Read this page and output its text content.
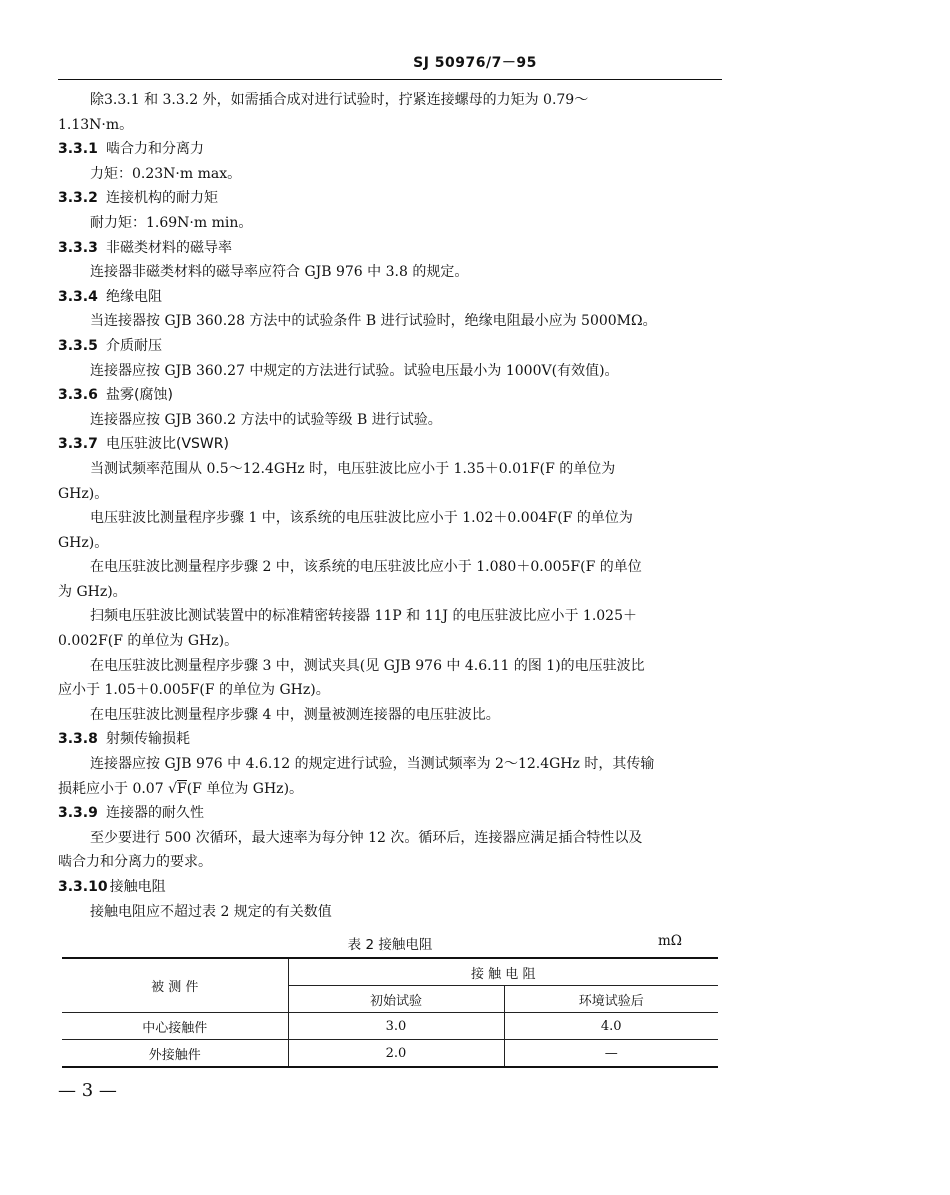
SJ 50976/7－95

除3.3.1 和 3.3.2 外，如需插合成对进行试验时，拧紧连接螺母的力矩为 0.79～

1.13N·m。

3.3.1 啮合力和分离力

力矩：0.23N·m max。

3.3.2 连接机构的耐力矩

耐力矩：1.69N·m min。

3.3.3 非磁类材料的磁导率

连接器非磁类材料的磁导率应符合 GJB 976 中 3.8 的规定。

3.3.4 绝缘电阻

当连接器按 GJB 360.28 方法中的试验条件 B 进行试验时，绝缘电阻最小应为 5000MΩ。

3.3.5 介质耐压

连接器应按 GJB 360.27 中规定的方法进行试验。试验电压最小为 1000V(有效值)。

3.3.6 盐雾(腐蚀)

连接器应按 GJB 360.2 方法中的试验等级 B 进行试验。

3.3.7 电压驻波比(VSWR)

当测试频率范围从 0.5～12.4GHz 时，电压驻波比应小于 1.35＋0.01F(F 的单位为

GHz)。

电压驻波比测量程序步骤 1 中，该系统的电压驻波比应小于 1.02＋0.004F(F 的单位为

GHz)。

在电压驻波比测量程序步骤 2 中，该系统的电压驻波比应小于 1.080＋0.005F(F 的单位

为 GHz)。

扫频电压驻波比测试装置中的标准精密转接器 11P 和 11J 的电压驻波比应小于 1.025＋

0.002F(F 的单位为 GHz)。

在电压驻波比测量程序步骤 3 中，测试夹具(见 GJB 976 中 4.6.11 的图 1)的电压驻波比

应小于 1.05＋0.005F(F 的单位为 GHz)。

在电压驻波比测量程序步骤 4 中，测量被测连接器的电压驻波比。

3.3.8 射频传输损耗

连接器应按 GJB 976 中 4.6.12 的规定进行试验，当测试频率为 2～12.4GHz 时，其传输

损耗应小于 0.07 √F(F 单位为 GHz)。

3.3.9 连接器的耐久性

至少要进行 500 次循环，最大速率为每分钟 12 次。循环后，连接器应满足插合特性以及

啮合力和分离力的要求。

3.3.10 接触电阻

接触电阻应不超过表 2 规定的有关数值

表 2 接触电阻	mΩ
被 测 件	接 触 电 阻	
	初始试验	环境试验后
中心接触件	3.0	4.0
外接触件	2.0	—
— 3 —
